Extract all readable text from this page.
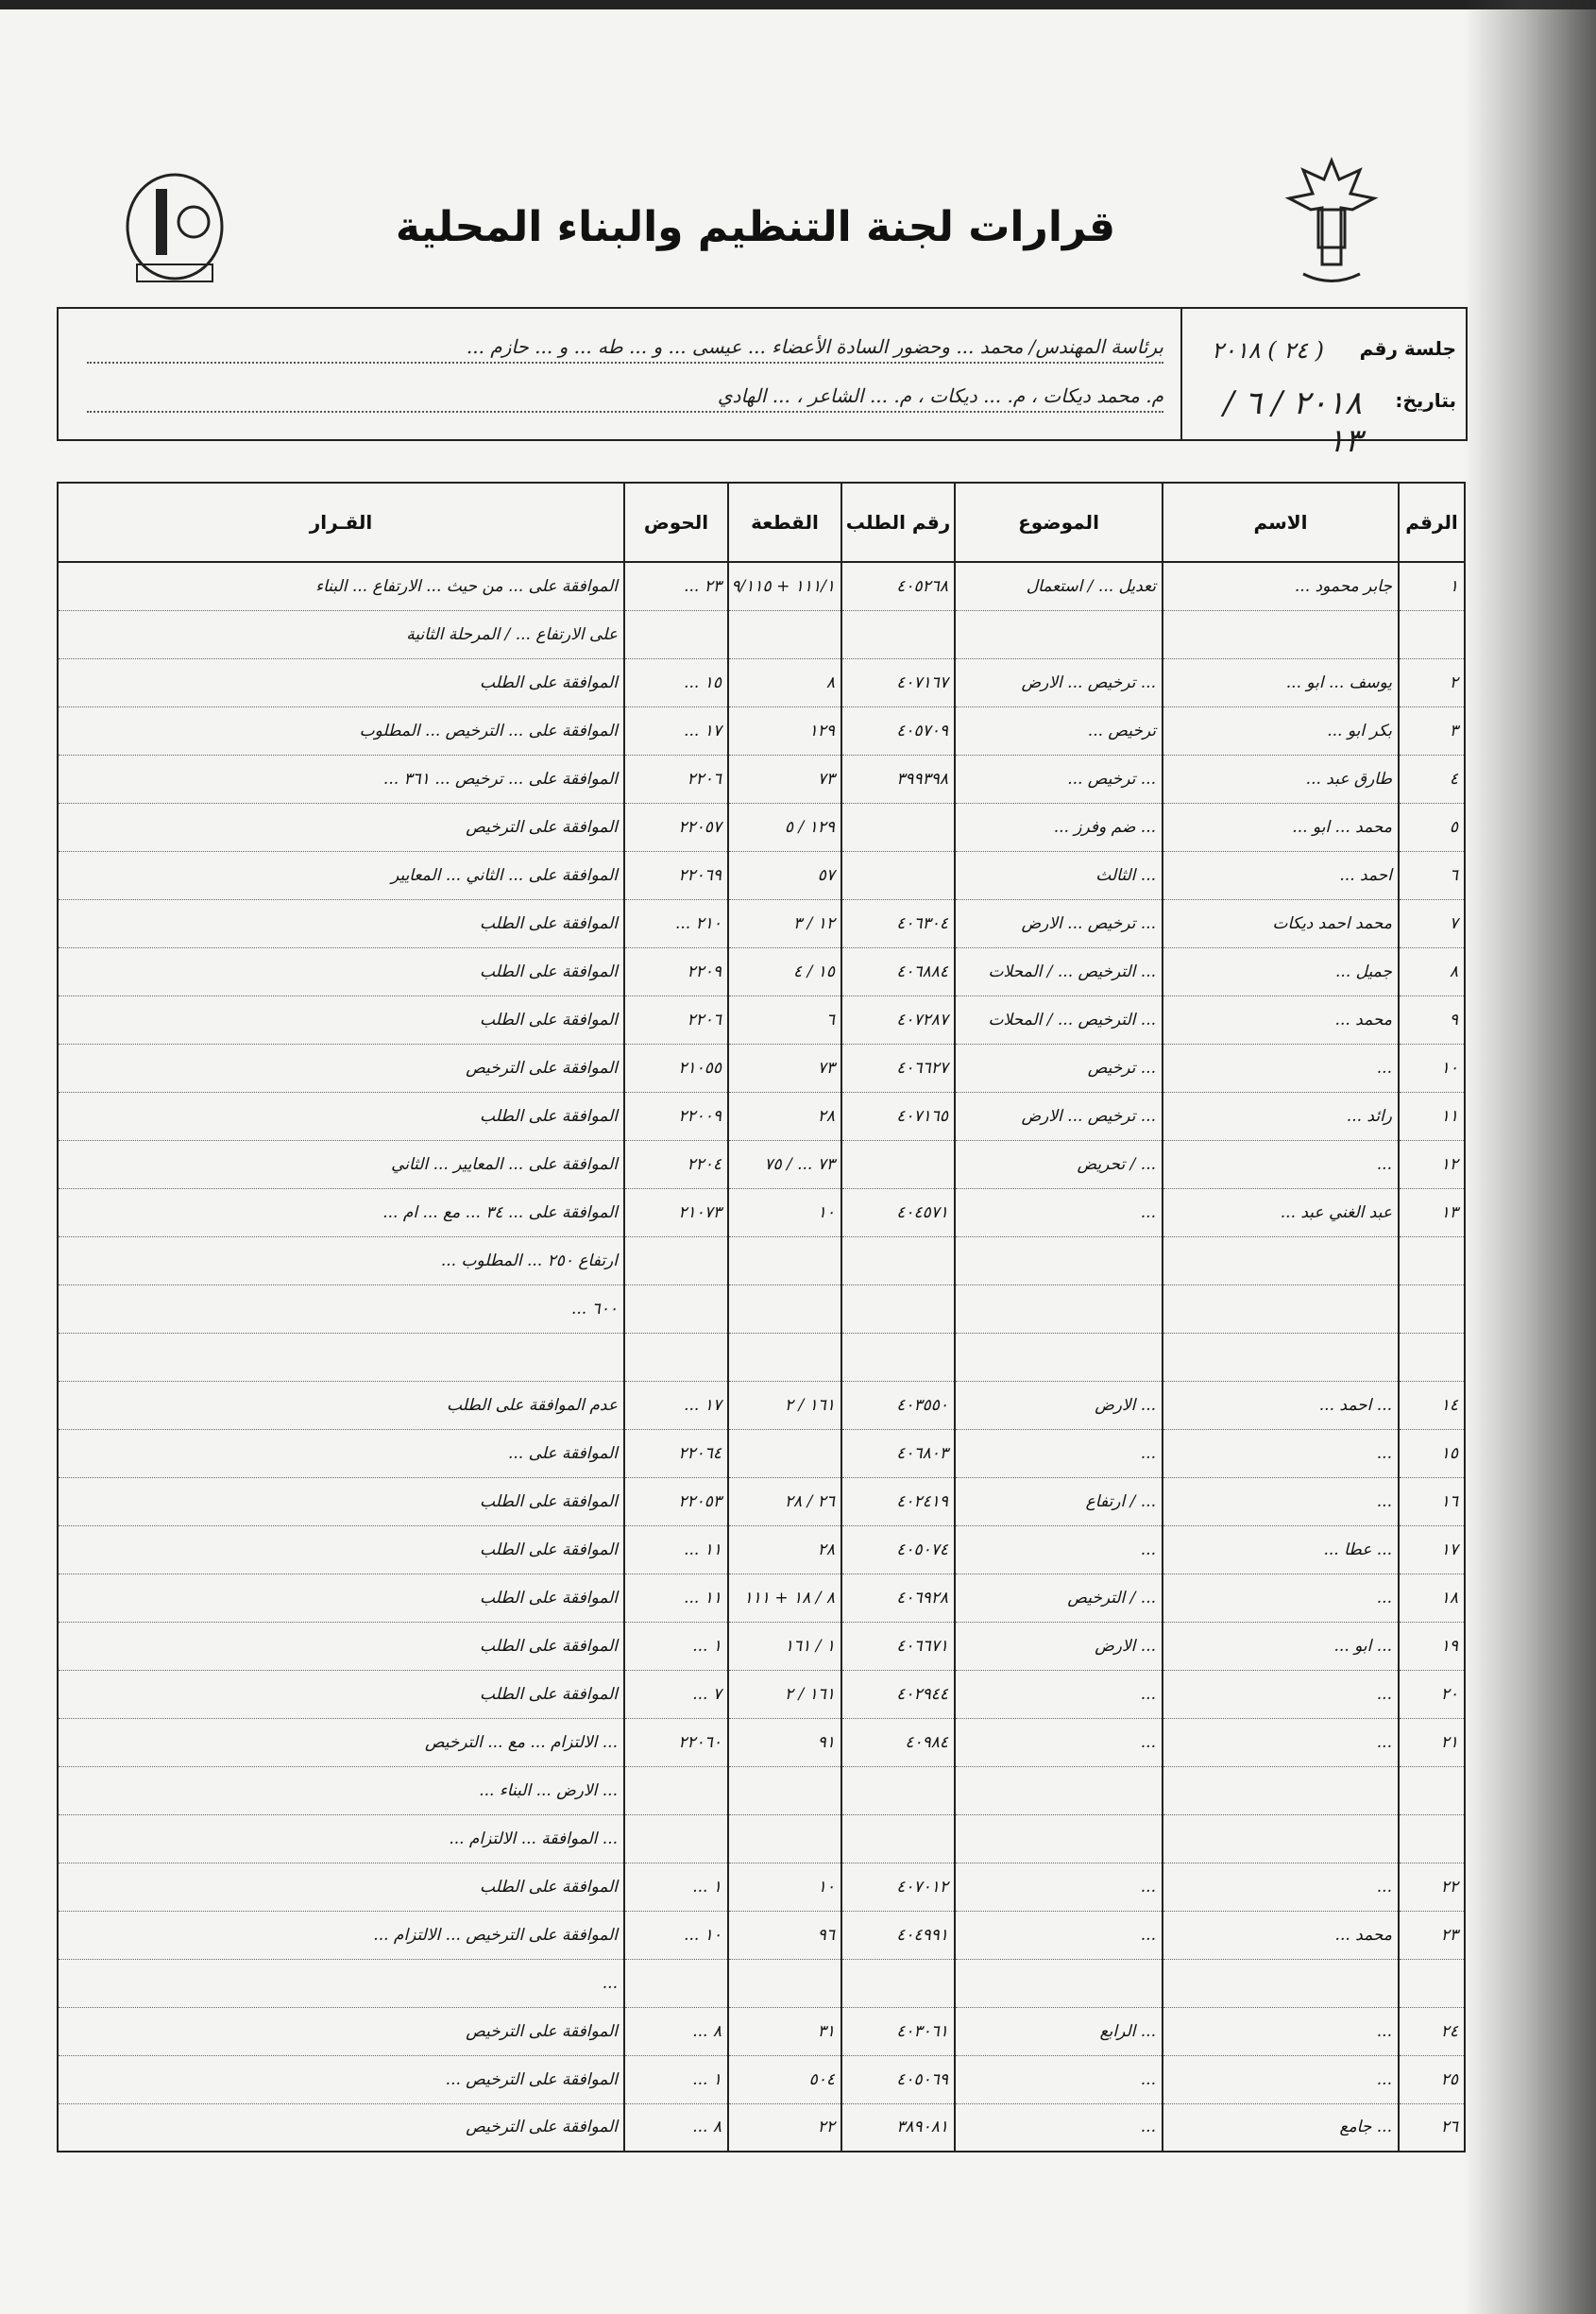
قرارات لجنة التنظيم والبناء المحلية
جلسة رقم
( ٢٤ ) ٢٠١٨
بتاريخ:
٢٠١٨ / ٦ / ١٣
برئاسة المهندس/ محمد ... وحضور السادة الأعضاء ... عيسى ... و ... طه ... و ... حازم ...
م. محمد ديكات ، م. ... ديكات ، م. ... الشاعر ، ... الهادي
الرقم	الاسم	الموضوع	رقم الطلب	القطعة	الحوض	القـرار
١	جابر محمود ...	تعديل ... / استعمال	٤٠٥٢٦٨	١١١/١ + ٩/١١٥	٢٣ ...	الموافقة على ... من حيث ... الارتفاع ... البناء
						على الارتفاع ... / المرحلة الثانية
٢	يوسف ... ابو ...	... ترخيص ... الارض	٤٠٧١٦٧	٨	١٥ ...	الموافقة على الطلب
٣	بكر ابو ...	ترخيص ...	٤٠٥٧٠٩	١٢٩	١٧ ...	الموافقة على ... الترخيص ... المطلوب
٤	طارق عبد ...	... ترخيص ...	٣٩٩٣٩٨	٧٣	٢٢٠٦	الموافقة على ... ترخيص ... ٣٦١ ...
٥	محمد ... ابو ...	... ضم وفرز ...		١٢٩ / ٥	٢٢٠٥٧	الموافقة على الترخيص
٦	احمد ...	... الثالث		٥٧	٢٢٠٦٩	الموافقة على ... الثاني ... المعايير
٧	محمد احمد ديكات	... ترخيص ... الارض	٤٠٦٣٠٤	١٢ / ٣	٢١٠ ...	الموافقة على الطلب
٨	جميل ...	... الترخيص ... / المحلات	٤٠٦٨٨٤	١٥ / ٤	٢٢٠٩	الموافقة على الطلب
٩	محمد ...	... الترخيص ... / المحلات	٤٠٧٢٨٧	٦	٢٢٠٦	الموافقة على الطلب
١٠	...	... ترخيص	٤٠٦٦٢٧	٧٣	٢١٠٥٥	الموافقة على الترخيص
١١	رائد ...	... ترخيص ... الارض	٤٠٧١٦٥	٢٨	٢٢٠٠٩	الموافقة على الطلب
١٢	...	... / تحريض		٧٣ ... / ٧٥	٢٢٠٤	الموافقة على ... المعايير ... الثاني
١٣	عبد الغني عبد ...	...	٤٠٤٥٧١	١٠	٢١٠٧٣	الموافقة على ... ٣٤ ... مع ... ام ...
						ارتفاع ٢٥٠ ... المطلوب ...
						٦٠٠ ...

١٤	... احمد ...	... الارض	٤٠٣٥٥٠	١٦١ / ٢	١٧ ...	عدم الموافقة على الطلب
١٥	...	...	٤٠٦٨٠٣		٢٢٠٦٤	الموافقة على ...
١٦	...	... / ارتفاع	٤٠٢٤١٩	٢٦ / ٢٨	٢٢٠٥٣	الموافقة على الطلب
١٧	... عطا ...	...	٤٠٥٠٧٤	٢٨	١١ ...	الموافقة على الطلب
١٨	...	... / الترخيص	٤٠٦٩٢٨	٨ / ١٨ + ١١١	١١ ...	الموافقة على الطلب
١٩	... ابو ...	... الارض	٤٠٦٦٧١	١ / ١٦١	١ ...	الموافقة على الطلب
٢٠	...	...	٤٠٢٩٤٤	١٦١ / ٢	٧ ...	الموافقة على الطلب
٢١	...	...	٤٠٩٨٤	٩١	٢٢٠٦٠	... الالتزام ... مع ... الترخيص
						... الارض ... البناء ...
						... الموافقة ... الالتزام ...
٢٢	...	...	٤٠٧٠١٢	١٠	١ ...	الموافقة على الطلب
٢٣	محمد ...	...	٤٠٤٩٩١	٩٦	١٠ ...	الموافقة على الترخيص ... الالتزام ...
						...
٢٤	...	... الرابع	٤٠٣٠٦١	٣١	٨ ...	الموافقة على الترخيص
٢٥	...	...	٤٠٥٠٦٩	٥٠٤	١ ...	الموافقة على الترخيص ...
٢٦	... جامع	...	٣٨٩٠٨١	٢٢	٨ ...	الموافقة على الترخيص
